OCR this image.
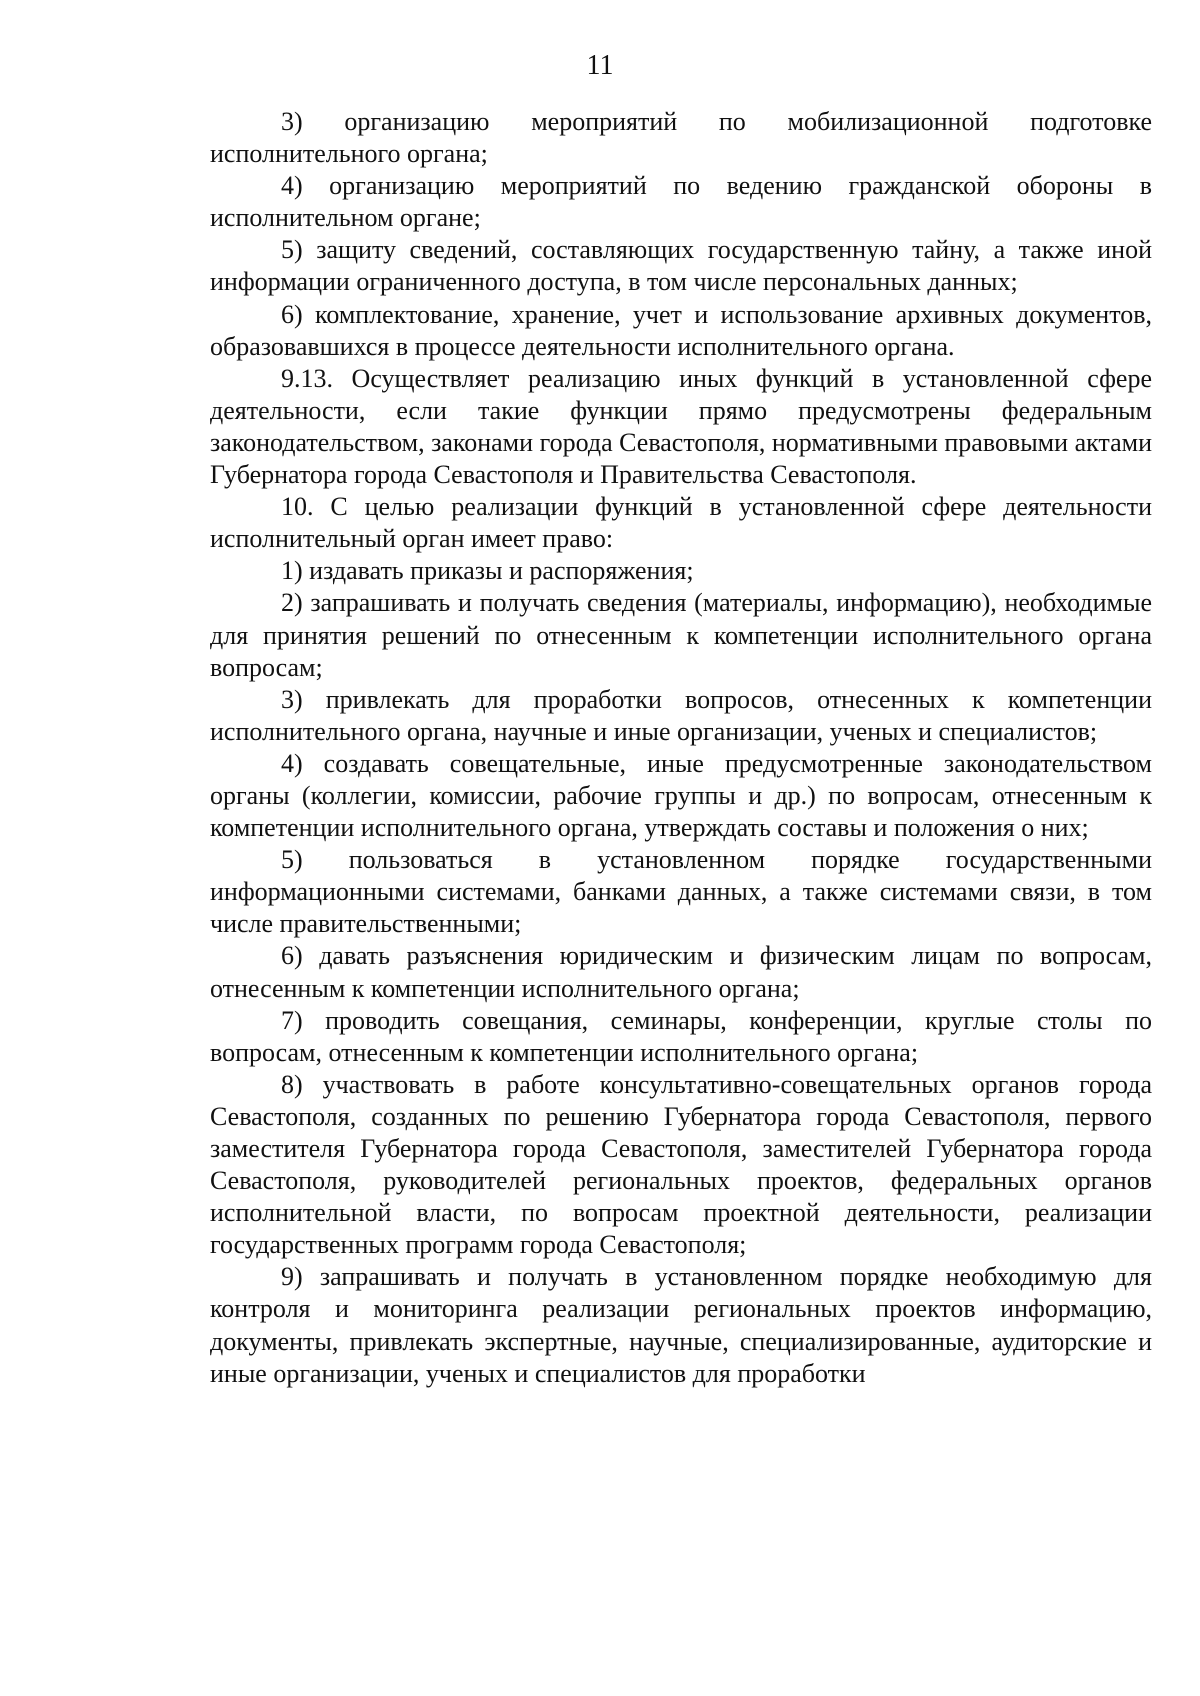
11

3) организацию мероприятий по мобилизационной подготовке исполнительного органа;

4) организацию мероприятий по ведению гражданской обороны в исполнительном органе;

5) защиту сведений, составляющих государственную тайну, а также иной информации ограниченного доступа, в том числе персональных данных;

6) комплектование, хранение, учет и использование архивных документов, образовавшихся в процессе деятельности исполнительного органа.

9.13. Осуществляет реализацию иных функций в установленной сфере деятельности, если такие функции прямо предусмотрены федеральным законодательством, законами города Севастополя, нормативными правовыми актами Губернатора города Севастополя и Правительства Севастополя.

10. С целью реализации функций в установленной сфере деятельности исполнительный орган имеет право:

1) издавать приказы и распоряжения;

2) запрашивать и получать сведения (материалы, информацию), необходимые для принятия решений по отнесенным к компетенции исполнительного органа вопросам;

3) привлекать для проработки вопросов, отнесенных к компетенции исполнительного органа, научные и иные организации, ученых и специалистов;

4) создавать совещательные, иные предусмотренные законодательством органы (коллегии, комиссии, рабочие группы и др.) по вопросам, отнесенным к компетенции исполнительного органа, утверждать составы и положения о них;

5) пользоваться в установленном порядке государственными информационными системами, банками данных, а также системами связи, в том числе правительственными;

6) давать разъяснения юридическим и физическим лицам по вопросам, отнесенным к компетенции исполнительного органа;

7) проводить совещания, семинары, конференции, круглые столы по вопросам, отнесенным к компетенции исполнительного органа;

8) участвовать в работе консультативно-совещательных органов города Севастополя, созданных по решению Губернатора города Севастополя, первого заместителя Губернатора города Севастополя, заместителей Губернатора города Севастополя, руководителей региональных проектов, федеральных органов исполнительной власти, по вопросам проектной деятельности, реализации государственных программ города Севастополя;

9) запрашивать и получать в установленном порядке необходимую для контроля и мониторинга реализации региональных проектов информацию, документы, привлекать экспертные, научные, специализированные, аудиторские и иные организации, ученых и специалистов для проработки
